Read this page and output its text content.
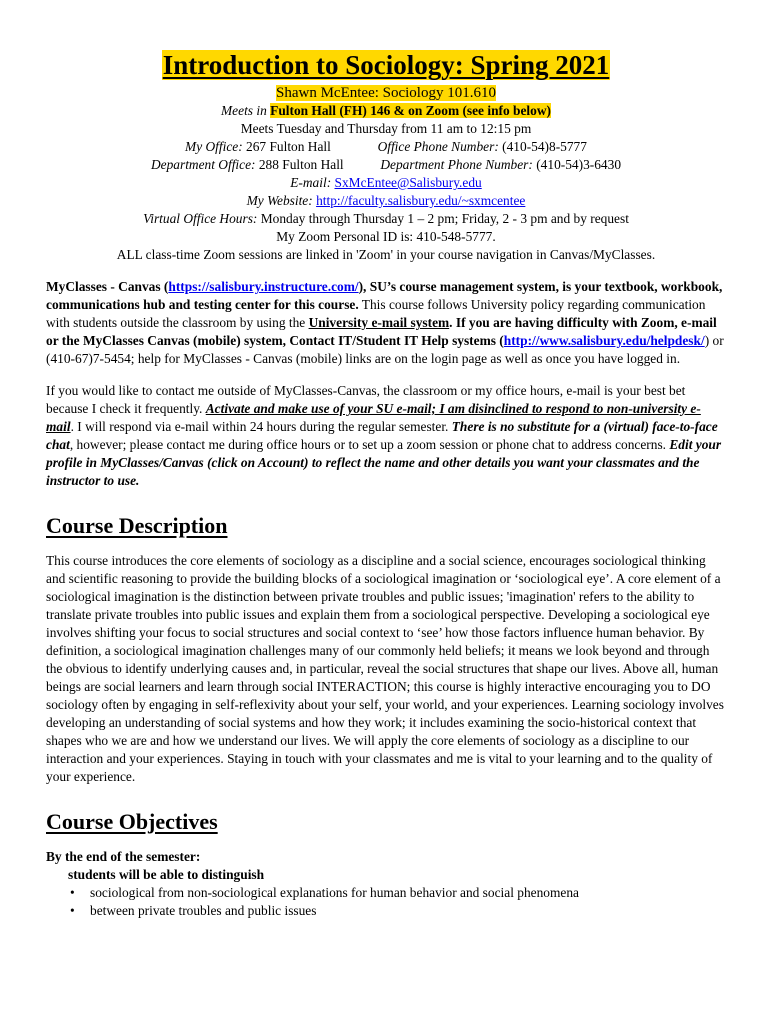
Introduction to Sociology: Spring 2021
Shawn McEntee: Sociology 101.610
Meets in Fulton Hall (FH) 146 & on Zoom (see info below)
Meets Tuesday and Thursday from 11 am to 12:15 pm
My Office: 267 Fulton Hall	Office Phone Number: (410-54)8-5777
Department Office: 288 Fulton Hall	Department Phone Number: (410-54)3-6430
E-mail: SxMcEntee@Salisbury.edu
My Website: http://faculty.salisbury.edu/~sxmcentee
Virtual Office Hours: Monday through Thursday 1 – 2 pm; Friday, 2 - 3 pm and by request
My Zoom Personal ID is: 410-548-5777.
ALL class-time Zoom sessions are linked in 'Zoom' in your course navigation in Canvas/MyClasses.

MyClasses - Canvas (https://salisbury.instructure.com/), SU’s course management system, is your textbook, workbook, communications hub and testing center for this course. This course follows University policy regarding communication with students outside the classroom by using the University e-mail system. If you are having difficulty with Zoom, e-mail or the MyClasses Canvas (mobile) system, Contact IT/Student IT Help systems (http://www.salisbury.edu/helpdesk/) or (410-67)7-5454; help for MyClasses - Canvas (mobile) links are on the login page as well as once you have logged in.

If you would like to contact me outside of MyClasses-Canvas, the classroom or my office hours, e-mail is your best bet because I check it frequently. Activate and make use of your SU e-mail; I am disinclined to respond to non-university e-mail. I will respond via e-mail within 24 hours during the regular semester. There is no substitute for a (virtual) face-to-face chat, however; please contact me during office hours or to set up a zoom session or phone chat to address concerns. Edit your profile in MyClasses/Canvas (click on Account) to reflect the name and other details you want your classmates and the instructor to use.

Course Description

This course introduces the core elements of sociology as a discipline and a social science, encourages sociological thinking and scientific reasoning to provide the building blocks of a sociological imagination or ‘sociological eye’. A core element of a sociological imagination is the distinction between private troubles and public issues; 'imagination' refers to the ability to translate private troubles into public issues and explain them from a sociological perspective. Developing a sociological eye involves shifting your focus to social structures and social context to ‘see’ how those factors influence human behavior. By definition, a sociological imagination challenges many of our commonly held beliefs; it means we look beyond and through the obvious to identify underlying causes and, in particular, reveal the social structures that shape our lives. Above all, human beings are social learners and learn through social INTERACTION; this course is highly interactive encouraging you to DO sociology often by engaging in self-reflexivity about your self, your world, and your experiences. Learning sociology involves developing an understanding of social systems and how they work; it includes examining the socio-historical context that shapes who we are and how we understand our lives. We will apply the core elements of sociology as a discipline to our interaction and your experiences. Staying in touch with your classmates and me is vital to your learning and to the quality of your experience.

Course Objectives
By the end of the semester:
students will be able to distinguish
• sociological from non-sociological explanations for human behavior and social phenomena
• between private troubles and public issues
